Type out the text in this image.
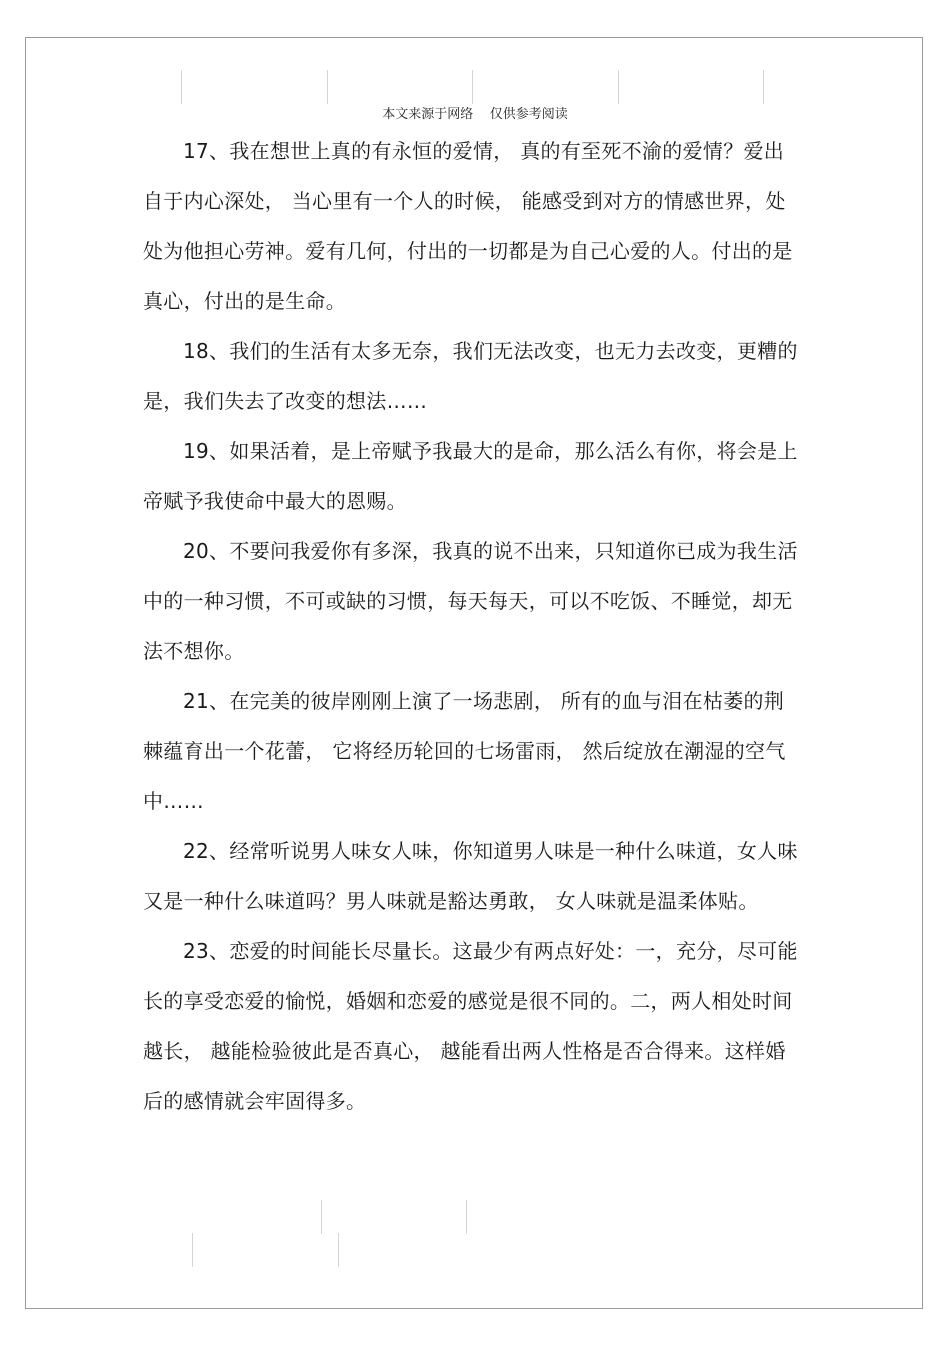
本文来源于网络    仅供参考阅读

17、我在想世上真的有永恒的爱情， 真的有至死不渝的爱情？爱出自于内心深处， 当心里有一个人的时候， 能感受到对方的情感世界，处处为他担心劳神。爱有几何，付出的一切都是为自己心爱的人。付出的是真心，付出的是生命。

18、我们的生活有太多无奈，我们无法改变，也无力去改变，更糟的是，我们失去了改变的想法……

19、如果活着，是上帝赋予我最大的是命，那么活么有你，将会是上帝赋予我使命中最大的恩赐。

20、不要问我爱你有多深，我真的说不出来，只知道你已成为我生活中的一种习惯，不可或缺的习惯，每天每天，可以不吃饭、不睡觉，却无法不想你。

21、在完美的彼岸刚刚上演了一场悲剧， 所有的血与泪在枯萎的荆棘蕴育出一个花蕾， 它将经历轮回的七场雷雨， 然后绽放在潮湿的空气中……

22、经常听说男人味女人味，你知道男人味是一种什么味道，女人味又是一种什么味道吗？男人味就是豁达勇敢， 女人味就是温柔体贴。

23、恋爱的时间能长尽量长。这最少有两点好处：一，充分，尽可能长的享受恋爱的愉悦，婚姻和恋爱的感觉是很不同的。二，两人相处时间越长， 越能检验彼此是否真心， 越能看出两人性格是否合得来。这样婚后的感情就会牢固得多。
